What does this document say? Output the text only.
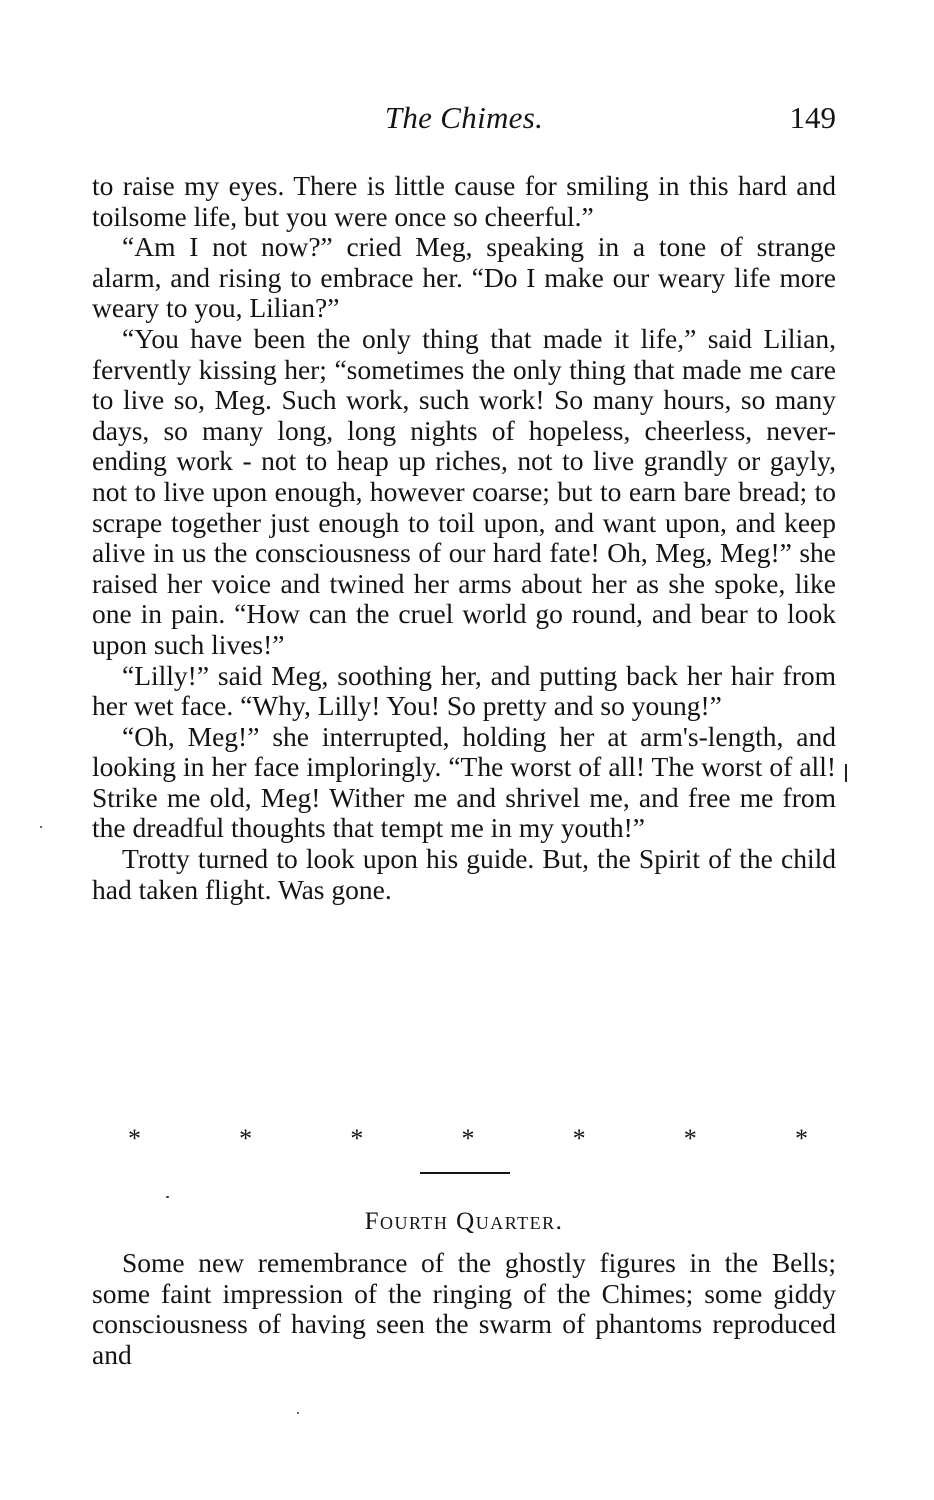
The Chimes.	149

to raise my eyes. There is little cause for smiling in this hard and toilsome life, but you were once so cheerful.”

“Am I not now?” cried Meg, speaking in a tone of strange alarm, and rising to embrace her. “Do I make our weary life more weary to you, Lilian?”

“You have been the only thing that made it life,” said Lilian, fervently kissing her; “sometimes the only thing that made me care to live so, Meg. Such work, such work! So many hours, so many days, so many long, long nights of hopeless, cheerless, never-ending work - not to heap up riches, not to live grandly or gayly, not to live upon enough, however coarse; but to earn bare bread; to scrape together just enough to toil upon, and want upon, and keep alive in us the consciousness of our hard fate! Oh, Meg, Meg!” she raised her voice and twined her arms about her as she spoke, like one in pain. “How can the cruel world go round, and bear to look upon such lives!”

“Lilly!” said Meg, soothing her, and putting back her hair from her wet face. “Why, Lilly! You! So pretty and so young!”

“Oh, Meg!” she interrupted, holding her at arm's-length, and looking in her face imploringly. “The worst of all! The worst of all! Strike me old, Meg! Wither me and shrivel me, and free me from the dreadful thoughts that tempt me in my youth!”

Trotty turned to look upon his guide. But, the Spirit of the child had taken flight. Was gone.

*	*	*	*	*	*	*
Fourth Quarter.

Some new remembrance of the ghostly figures in the Bells; some faint impression of the ringing of the Chimes; some giddy consciousness of having seen the swarm of phantoms reproduced and
